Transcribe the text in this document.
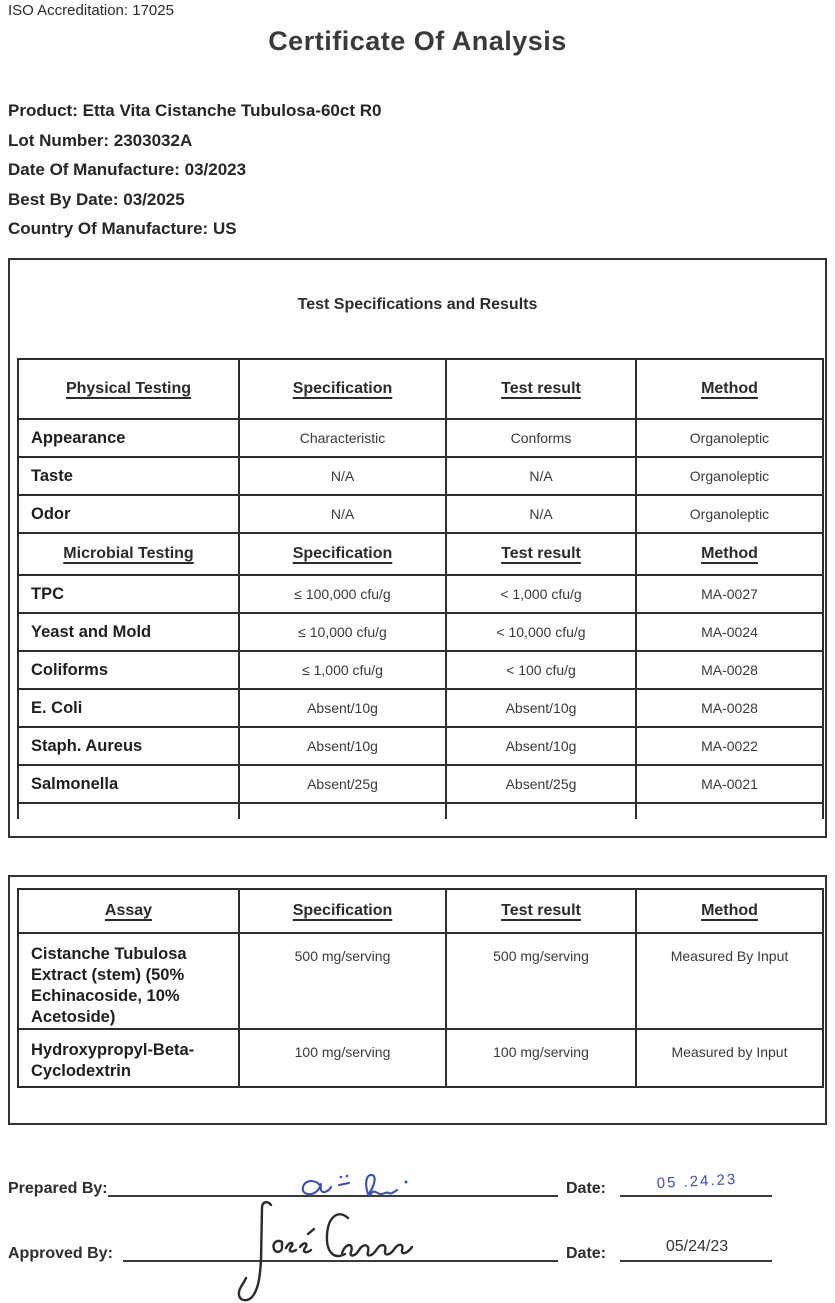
ISO Accreditation: 17025
Certificate Of Analysis
Product: Etta Vita Cistanche Tubulosa-60ct R0
Lot Number: 2303032A
Date Of Manufacture: 03/2023
Best By Date: 03/2025
Country Of Manufacture: US
Test Specifications and Results
Physical Testing	Specification	Test result	Method
Appearance	Characteristic	Conforms	Organoleptic
Taste	N/A	N/A	Organoleptic
Odor	N/A	N/A	Organoleptic
Microbial Testing	Specification	Test result	Method
TPC	≤ 100,000 cfu/g	< 1,000 cfu/g	MA-0027
Yeast and Mold	≤ 10,000 cfu/g	< 10,000 cfu/g	MA-0024
Coliforms	≤ 1,000 cfu/g	< 100 cfu/g	MA-0028
E. Coli	Absent/10g	Absent/10g	MA-0028
Staph. Aureus	Absent/10g	Absent/10g	MA-0022
Salmonella	Absent/25g	Absent/25g	MA-0021

Assay	Specification	Test result	Method
Cistanche Tubulosa Extract (stem) (50% Echinacoside, 10% Acetoside)	500 mg/serving	500 mg/serving	Measured By Input
Hydroxypropyl-Beta-Cyclodextrin	100 mg/serving	100 mg/serving	Measured by Input
Prepared By:	Date:	05 .24.23
Approved By:	Date:	05/24/23
